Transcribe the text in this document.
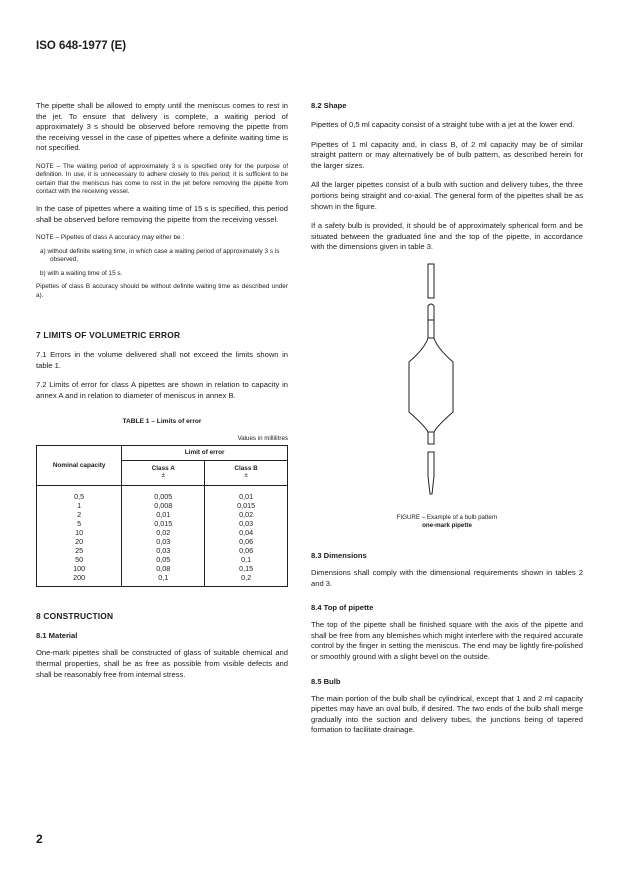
ISO 648-1977 (E)

The pipette shall be allowed to empty until the meniscus comes to rest in the jet. To ensure that delivery is complete, a waiting period of approximately 3 s should be observed before removing the pipette from the receiving vessel in the case of pipettes where a definite waiting time is not specified.

NOTE – The waiting period of approximately 3 s is specified only for the purpose of definition. In use, it is unnecessary to adhere closely to this period; it is sufficient to be certain that the meniscus has come to rest in the jet before removing the pipette from contact with the receiving vessel.

In the case of pipettes where a waiting time of 15 s is specified, this period shall be observed before removing the pipette from the receiving vessel.

NOTE – Pipettes of class A accuracy may either be :

a) without definite waiting time, in which case a waiting period of approximately 3 s is observed;

b) with a waiting time of 15 s.

Pipettes of class B accuracy should be without definite waiting time as described under a).

7 LIMITS OF VOLUMETRIC ERROR

7.1 Errors in the volume delivered shall not exceed the limits shown in table 1.

7.2 Limits of error for class A pipettes are shown in relation to capacity in annex A and in relation to diameter of meniscus in annex B.

TABLE 1 – Limits of error
Values in millilitres
Nominal capacity	Limit of error	
	Class A
±	Class B
±

0,5	0,005	0,01
1	0,008	0,015
2	0,01	0,02
5	0,015	0,03
10	0,02	0,04
20	0,03	0,06
25	0,03	0,06
50	0,05	0,1
100	0,08	0,15
200	0,1	0,2

8 CONSTRUCTION
8.1 Material

One-mark pipettes shall be constructed of glass of suitable chemical and thermal properties, shall be as free as possible from visible defects and shall be reasonably free from internal stress.

8.2 Shape

Pipettes of 0,5 ml capacity consist of a straight tube with a jet at the lower end.

Pipettes of 1 ml capacity and, in class B, of 2 ml capacity may be of similar straight pattern or may alternatively be of bulb pattern, as described herein for the larger sizes.

All the larger pipettes consist of a bulb with suction and delivery tubes, the three portions being straight and co-axial. The general form of the pipettes shall be as shown in the figure.

If a safety bulb is provided, it should be of approximately spherical form and be situated between the graduated line and the top of the pipette, in accordance with the dimensions given in table 3.

FIGURE – Example of a bulb pattern
one-mark pipette
8.3 Dimensions

Dimensions shall comply with the dimensional requirements shown in tables 2 and 3.

8.4 Top of pipette

The top of the pipette shall be finished square with the axis of the pipette and shall be free from any blemishes which might interfere with the required accurate control by the finger in setting the meniscus. The end may be lightly fire-polished or smoothly ground with a slight bevel on the outside.

8.5 Bulb

The main portion of the bulb shall be cylindrical, except that 1 and 2 ml capacity pipettes may have an oval bulb, if desired. The two ends of the bulb shall merge gradually into the suction and delivery tubes, the junctions being of tapered formation to facilitate drainage.

2
